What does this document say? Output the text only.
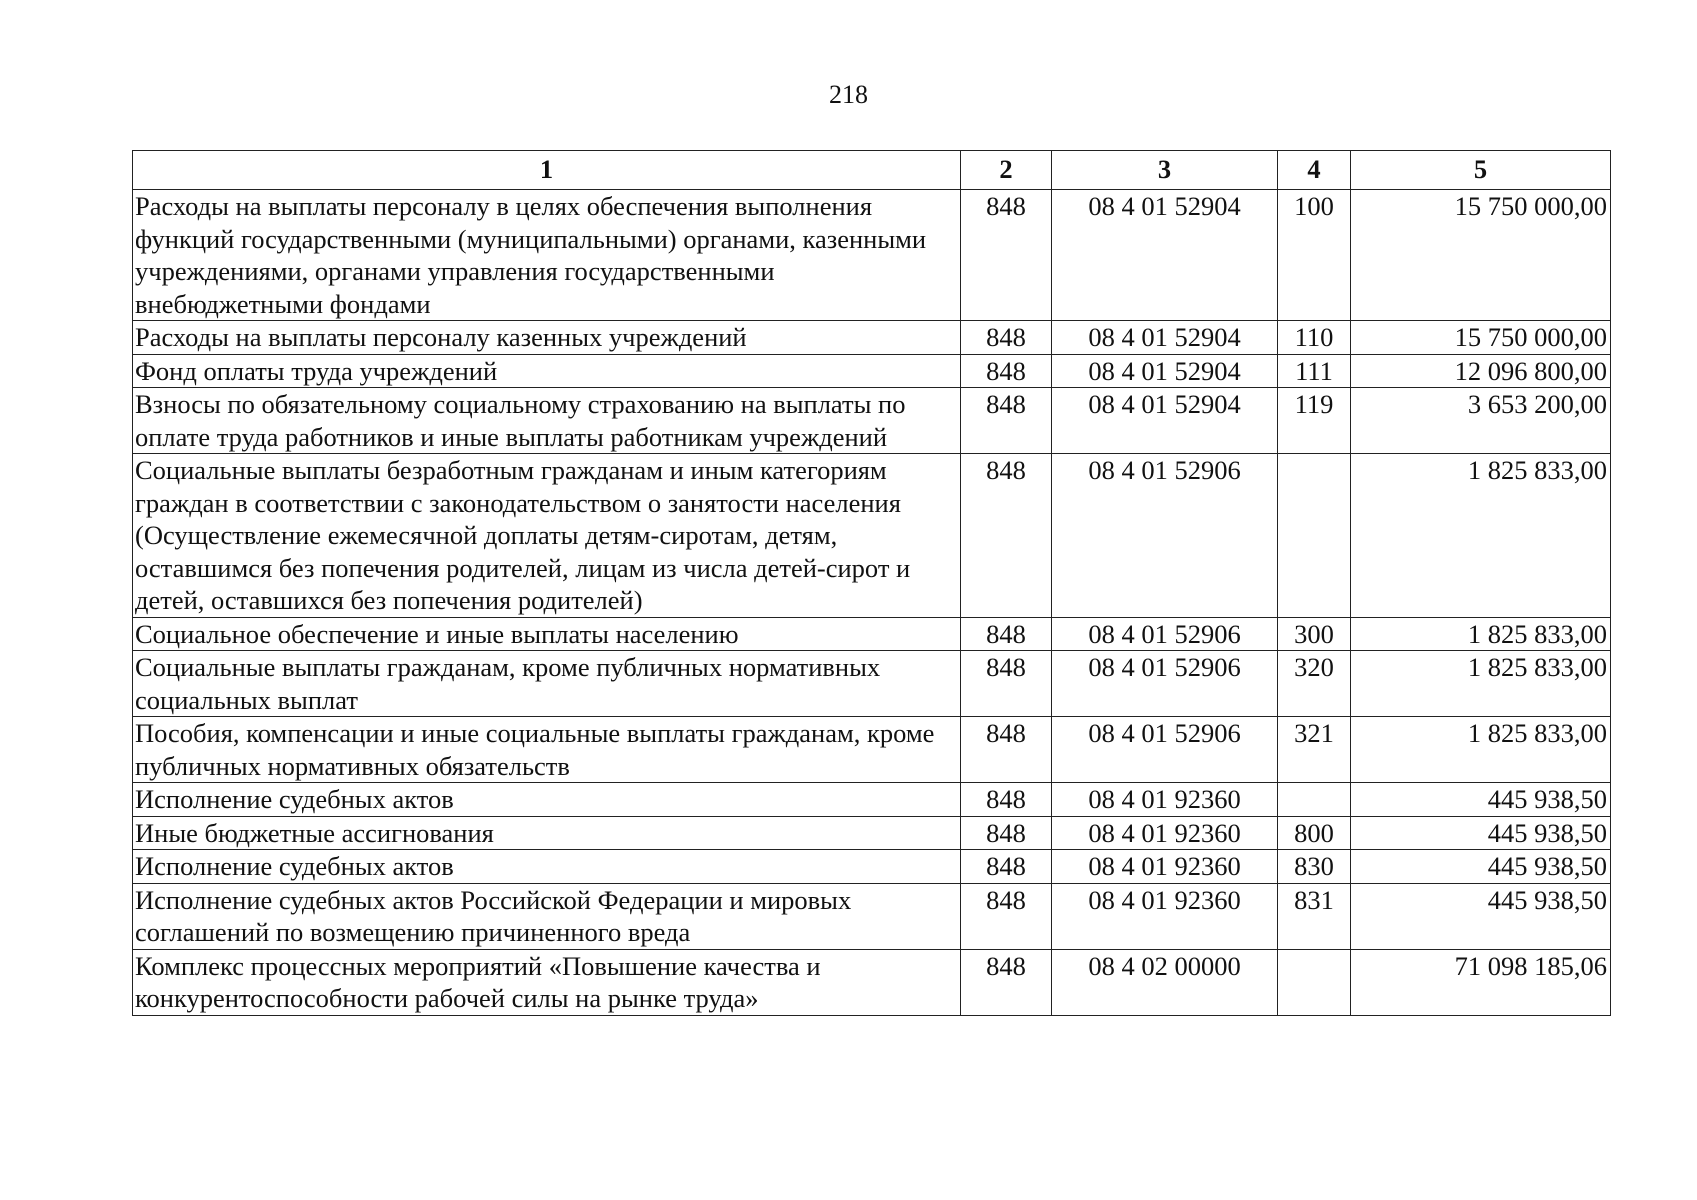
218
1	2	3	4	5
Расходы на выплаты персоналу в целях обеспечения выполнения функций государственными (муниципальными) органами, казенными учреждениями, органами управления государственными внебюджетными фондами	848	08 4 01 52904	100	15 750 000,00
Расходы на выплаты персоналу казенных учреждений	848	08 4 01 52904	110	15 750 000,00
Фонд оплаты труда учреждений	848	08 4 01 52904	111	12 096 800,00
Взносы по обязательному социальному страхованию на выплаты по оплате труда работников и иные выплаты работникам учреждений	848	08 4 01 52904	119	3 653 200,00
Социальные выплаты безработным гражданам и иным категориям граждан в соответствии с законодательством о занятости населения (Осуществление ежемесячной доплаты детям-сиротам, детям, оставшимся без попечения родителей, лицам из числа детей-сирот и детей, оставшихся без попечения родителей)	848	08 4 01 52906		1 825 833,00
Социальное обеспечение и иные выплаты населению	848	08 4 01 52906	300	1 825 833,00
Социальные выплаты гражданам, кроме публичных нормативных социальных выплат	848	08 4 01 52906	320	1 825 833,00
Пособия, компенсации и иные социальные выплаты гражданам, кроме публичных нормативных обязательств	848	08 4 01 52906	321	1 825 833,00
Исполнение судебных актов	848	08 4 01 92360		445 938,50
Иные бюджетные ассигнования	848	08 4 01 92360	800	445 938,50
Исполнение судебных актов	848	08 4 01 92360	830	445 938,50
Исполнение судебных актов Российской Федерации и мировых соглашений по возмещению причиненного вреда	848	08 4 01 92360	831	445 938,50
Комплекс процессных мероприятий «Повышение качества и конкурентоспособности рабочей силы на рынке труда»	848	08 4 02 00000		71 098 185,06
